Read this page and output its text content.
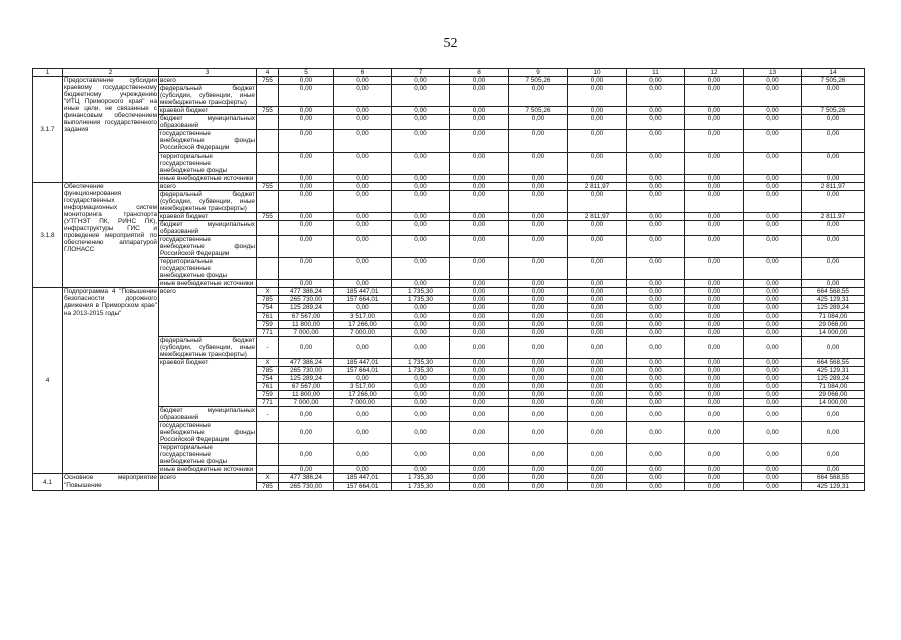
52
1	2	3	4	5	6	7	8	9	10	11	12	13	14
3.1.7	Предоставление субсидии краевому государственному бюджетному учреждению "ИТЦ Приморского края" на иные цели, не связанные с финансовым обеспечением выполнения государственного задания	всего	755	0,00	0,00	0,00	0,00	7 505,26	0,00	0,00	0,00	0,00	7 505,26
		федеральный бюджет (субсидии, субвенции, иные межбюджетные трансферты)		0,00	0,00	0,00	0,00	0,00	0,00	0,00	0,00	0,00	0,00
		краевой бюджет	755	0,00	0,00	0,00	0,00	7 505,26	0,00	0,00	0,00	0,00	7 505,26
		бюджет муниципальных образований		0,00	0,00	0,00	0,00	0,00	0,00	0,00	0,00	0,00	0,00
		государственные внебюджетные фонды Российской Федерации		0,00	0,00	0,00	0,00	0,00	0,00	0,00	0,00	0,00	0,00
		территориальные государственные внебюджетные фонды		0,00	0,00	0,00	0,00	0,00	0,00	0,00	0,00	0,00	0,00
		иные внебюджетные источники		0,00	0,00	0,00	0,00	0,00	0,00	0,00	0,00	0,00	0,00
3.1.8	Обеспечение функционирования государственных информационных систем мониторинга транспорта (УТГНЭТ ПК, РИНС ПК), инфраструктуры ГИС и проведение мероприятий по обеспечению аппаратурой ГЛОНАСС	всего	755	0,00	0,00	0,00	0,00	0,00	2 811,97	0,00	0,00	0,00	2 811,97
		федеральный бюджет (субсидии, субвенции, иные межбюджетные трансферты)		0,00	0,00	0,00	0,00	0,00	0,00	0,00	0,00	0,00	0,00
		краевой бюджет	755	0,00	0,00	0,00	0,00	0,00	2 811,97	0,00	0,00	0,00	2 811,97
		бюджет муниципальных образований		0,00	0,00	0,00	0,00	0,00	0,00	0,00	0,00	0,00	0,00
		государственные внебюджетные фонды Российской Федерации		0,00	0,00	0,00	0,00	0,00	0,00	0,00	0,00	0,00	0,00
		территориальные государственные внебюджетные фонды		0,00	0,00	0,00	0,00	0,00	0,00	0,00	0,00	0,00	0,00
		иные внебюджетные источники		0,00	0,00	0,00	0,00	0,00	0,00	0,00	0,00	0,00	0,00
4	Подпрограмма 4 "Повышение безопасности дорожного движения в Приморском крае" на 2013-2015 годы"	всего	X	477 386,24	185 447,01	1 735,30	0,00	0,00	0,00	0,00	0,00	0,00	664 568,55
			785	265 730,00	157 664,01	1 735,30	0,00	0,00	0,00	0,00	0,00	0,00	425 129,31
			754	125 289,24	0,00	0,00	0,00	0,00	0,00	0,00	0,00	0,00	125 289,24
			761	67 567,00	3 517,00	0,00	0,00	0,00	0,00	0,00	0,00	0,00	71 084,00
			759	11 800,00	17 266,00	0,00	0,00	0,00	0,00	0,00	0,00	0,00	29 066,00
			771	7 000,00	7 000,00	0,00	0,00	0,00	0,00	0,00	0,00	0,00	14 000,00
		федеральный бюджет (субсидии, субвенции, иные межбюджетные трансферты)	-	0,00	0,00	0,00	0,00	0,00	0,00	0,00	0,00	0,00	0,00
		краевой бюджет	X	477 386,24	185 447,01	1 735,30	0,00	0,00	0,00	0,00	0,00	0,00	664 568,55
			785	265 730,00	157 664,01	1 735,30	0,00	0,00	0,00	0,00	0,00	0,00	425 129,31
			754	125 289,24	0,00	0,00	0,00	0,00	0,00	0,00	0,00	0,00	125 289,24
			761	67 567,00	3 517,00	0,00	0,00	0,00	0,00	0,00	0,00	0,00	71 084,00
			759	11 800,00	17 266,00	0,00	0,00	0,00	0,00	0,00	0,00	0,00	29 066,00
			771	7 000,00	7 000,00	0,00	0,00	0,00	0,00	0,00	0,00	0,00	14 000,00
		бюджет муниципальных образований	-	0,00	0,00	0,00	0,00	0,00	0,00	0,00	0,00	0,00	0,00
		государственные внебюджетные фонды Российской Федерации		0,00	0,00	0,00	0,00	0,00	0,00	0,00	0,00	0,00	0,00
		территориальные государственные внебюджетные фонды		0,00	0,00	0,00	0,00	0,00	0,00	0,00	0,00	0,00	0,00
		иные внебюджетные источники		0,00	0,00	0,00	0,00	0,00	0,00	0,00	0,00	0,00	0,00
4.1	Основное мероприятие "Повышение	всего	X	477 386,24	185 447,01	1 735,30	0,00	0,00	0,00	0,00	0,00	0,00	664 568,55
			785	265 730,00	157 664,01	1 735,30	0,00	0,00	0,00	0,00	0,00	0,00	425 129,31
